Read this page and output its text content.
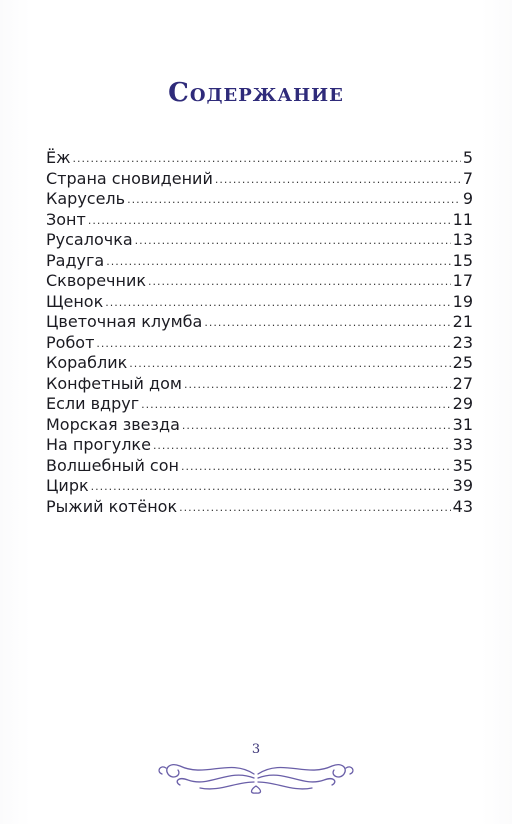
Содержание
Ёж .....	5
Страна сновидений .....	7
Карусель .....	9
Зонт .....	11
Русалочка .....	13
Радуга .....	15
Скворечник .....	17
Щенок .....	19
Цветочная клумба .....	21
Робот .....	23
Кораблик .....	25
Конфетный дом .....	27
Если вдруг .....	29
Морская звезда .....	31
На прогулке .....	33
Волшебный сон .....	35
Цирк .....	39
Рыжий котёнок .....	43
3
